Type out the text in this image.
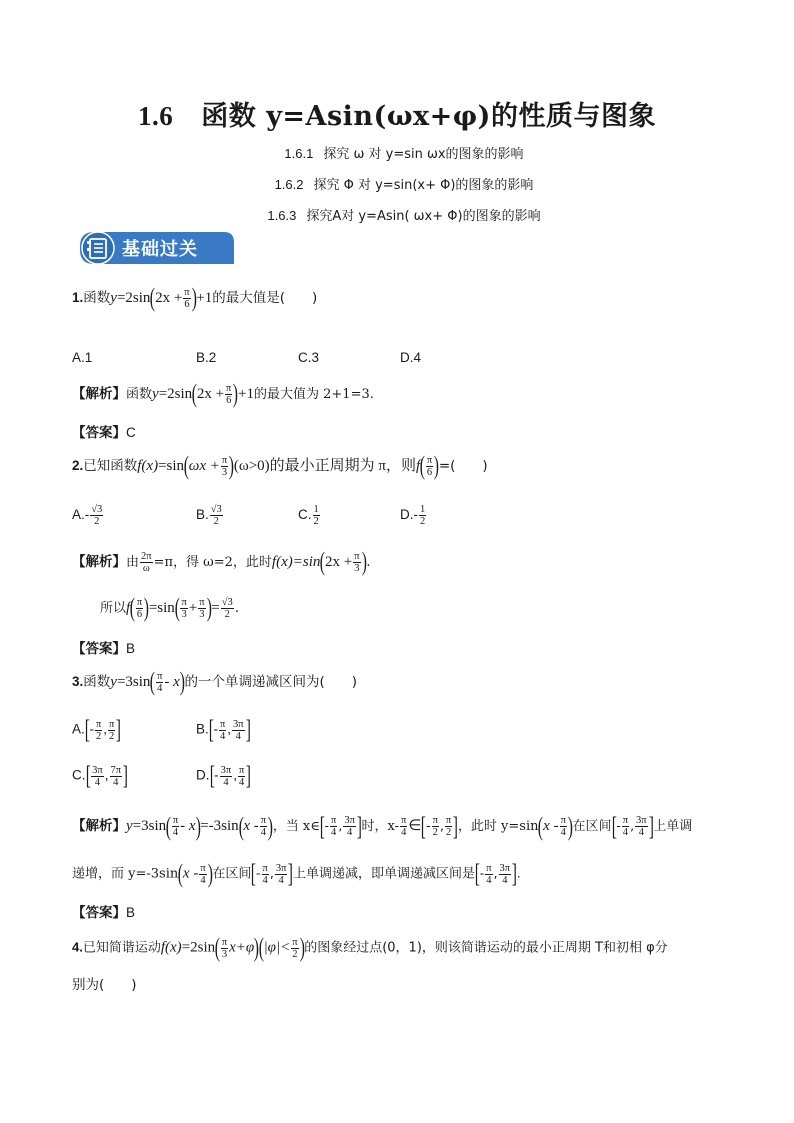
1.6 函数 y=Asin(ωx+φ)的性质与图象
1.6.1 探究 ω 对 y=sin ωx的图象的影响
1.6.2 探究 Φ 对 y=sin(x+ Φ)的图象的影响
1.6.3 探究A对 y=Asin( ωx+ Φ)的图象的影响
基础过关
1.函数$y=2\sin(2x + \frac{\pi}{6} )+1$的最大值是(　　)
A.1	B.2	C.3	D.4
【解析】函数$y=2\sin(2x + \frac{\pi}{6} )+1$的最大值为 2+1=3.
【答案】C
2.已知函数$f(x)=\sin(\omega x + \frac{\pi}{3} )(\omega>0)$的最小正周期为 π，则$f( \frac{\pi}{6}$ )=(　　)
$A.- \frac{√3}{2}$	B. $\frac{√3}{2}$	C. $\frac{1}{2}$	$D.- \frac{1}{2}$
【解析】由 $\frac{2\pi}{\omega} =\pi$，得 ω=2，此时$f(x)=\sin(2x + \frac{\pi}{3}$ ).
所以$f( \frac{\pi}{6} )=\sin( \frac{\pi}{3} + \frac{\pi}{3}$ )= $\frac{√3}{2}$ .
【答案】B
3.函数$y=3\sin( \frac{\pi}{4} - x)$的一个单调递减区间为(　　)
$A.[- \frac{\pi}{2}$ , $\frac{\pi}{2}$ ]	$B.[- \frac{\pi}{4}$ , $\frac{3\pi}{4}$ ]
$C.[ \frac{3\pi}{4}$ , $\frac{7\pi}{4}$ ]	$D.[- \frac{3\pi}{4}$ , $\frac{\pi}{4}$ ]
【解析】$y=3\sin( \frac{\pi}{4} - x)=-3\sin(x - \frac{\pi}{4}$ )，当 x∈[- $\frac{\pi}{4}$ , $\frac{3\pi}{4}$ ]时，$x- \frac{\pi}{4}$ ∈[- $\frac{\pi}{2}$ , $\frac{\pi}{2}$ ]，此时 $y=\sin(x - \frac{\pi}{4}$ )在区间[- $\frac{\pi}{4}$ , $\frac{3\pi}{4}$ ]上单调
递增，而 $y=-3\sin(x - \frac{\pi}{4}$ )在区间[- $\frac{\pi}{4}$ , $\frac{3\pi}{4}$ ]上单调递减，即单调递减区间是[- $\frac{\pi}{4}$ , $\frac{3\pi}{4}$ ].
【答案】B
4.已知简谐运动$f(x)=2\sin( \frac{\pi}{3} x+\varphi)(|\varphi|< \frac{\pi}{2}$ )的图象经过点(0，1)，则该简谐运动的最小正周期 T和初相 φ分
别为(　　)
